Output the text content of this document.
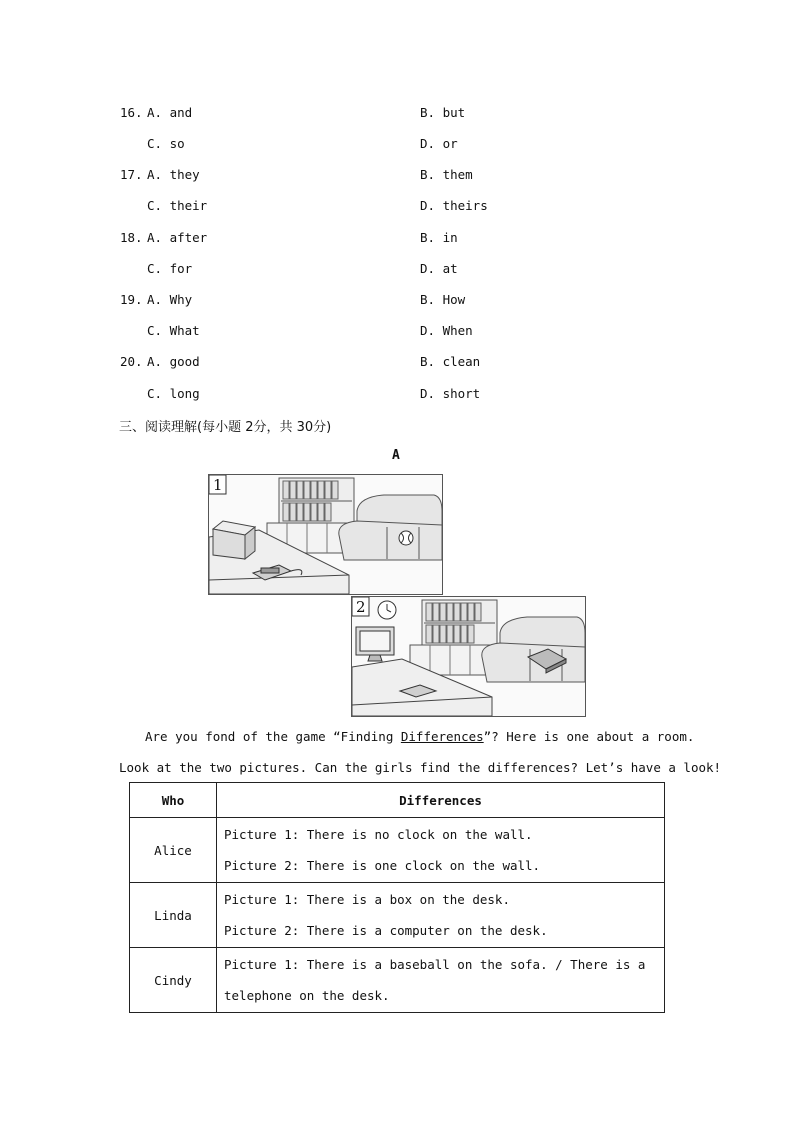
16. A. and	B. but
C. so	D. or
17. A. they	B. them
C. their	D. theirs
18. A. after	B. in
C. for	D. at
19. A. Why	B. How
C. What	D. When
20. A. good	B. clean
C. long	D. short
三、阅读理解(每小题 2分，共 30分)
A
1
2
Are you fond of the game “Finding Differences”? Here is one about a room.
Look at the two pictures. Can the girls find the differences? Let’s have a look!
Who	Differences
Alice	Picture 1: There is no clock on the wall.
Picture 2: There is one clock on the wall.

Linda	Picture 1: There is a box on the desk.
Picture 2: There is a computer on the desk.

Cindy	Picture 1: There is a baseball on the sofa. / There is a telephone on the desk.
